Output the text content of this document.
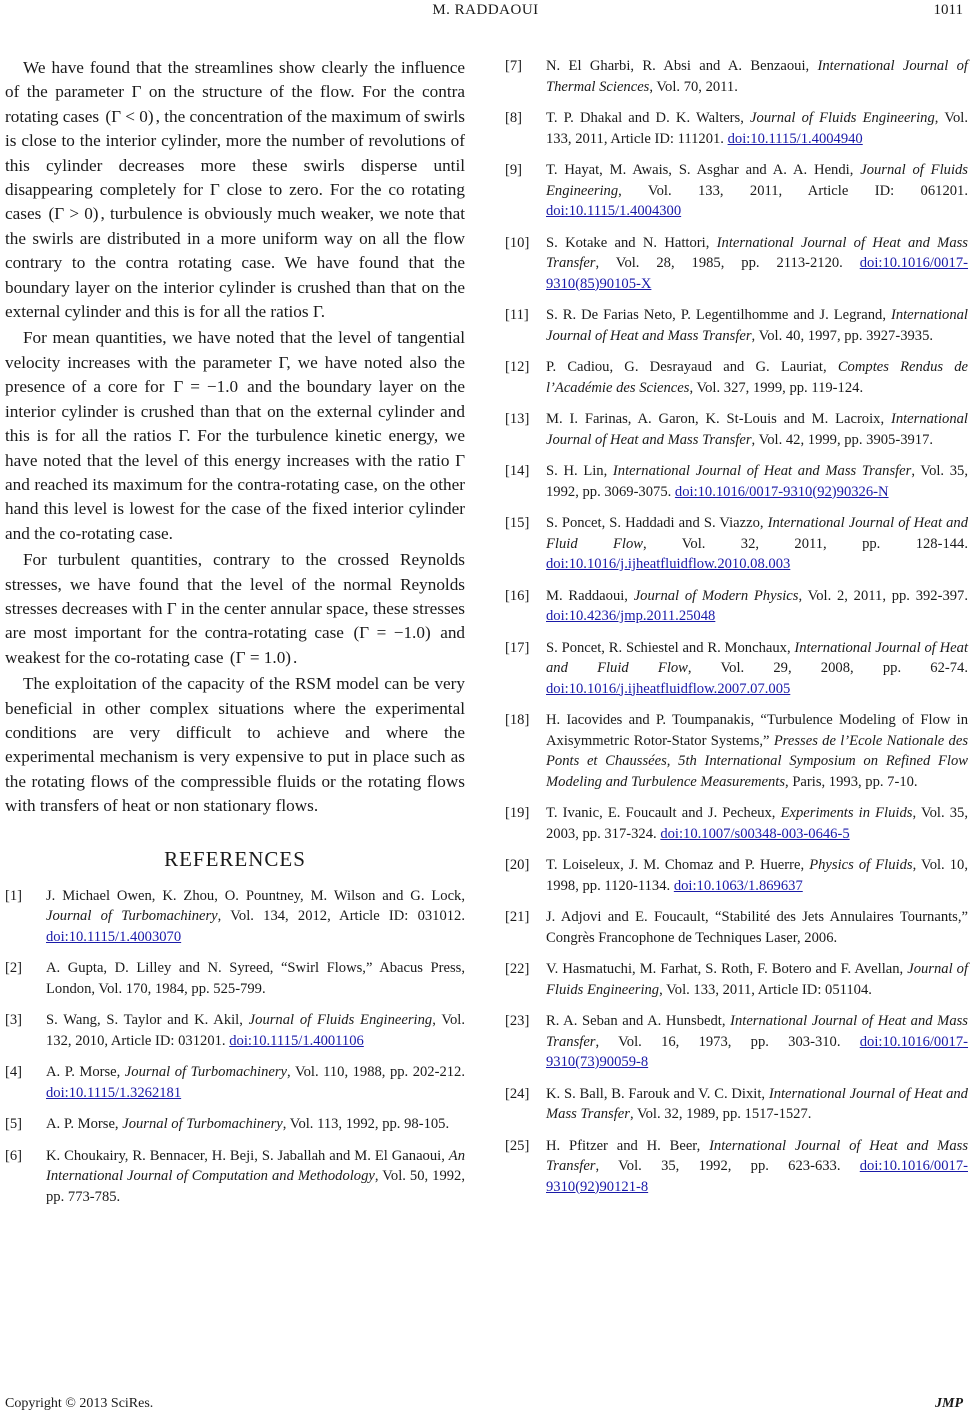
M. RADDAOUI	1011

We have found that the streamlines show clearly the influence of the parameter Γ on the structure of the flow. For the contra rotating cases (Γ < 0) , the concentration of the maximum of swirls is close to the interior cylinder, more the number of revolutions of this cylinder decreases more these swirls disperse until disappearing completely for Γ close to zero. For the co rotating cases (Γ > 0) , turbulence is obviously much weaker, we note that the swirls are distributed in a more uniform way on all the flow contrary to the contra rotating case. We have found that the boundary layer on the interior cylinder is crushed than that on the external cylinder and this is for all the ratios Γ.

For mean quantities, we have noted that the level of tangential velocity increases with the parameter Γ, we have noted also the presence of a core for Γ = −1.0 and the boundary layer on the interior cylinder is crushed than that on the external cylinder and this is for all the ratios Γ. For the turbulence kinetic energy, we have noted that the level of this energy increases with the ratio Γ and reached its maximum for the contra-rotating case, on the other hand this level is lowest for the case of the fixed interior cylinder and the co-rotating case.

For turbulent quantities, contrary to the crossed Reynolds stresses, we have found that the level of the normal Reynolds stresses decreases with Γ in the center annular space, these stresses are most important for the contra-rotating case (Γ = −1.0) and weakest for the co-rotating case (Γ = 1.0) .

The exploitation of the capacity of the RSM model can be very beneficial in other complex situations where the experimental conditions are very difficult to achieve and where the experimental mechanism is very expensive to put in place such as the rotating flows of the compressible fluids or the rotating flows with transfers of heat or non stationary flows.

REFERENCES
[1]	J. Michael Owen, K. Zhou, O. Pountney, M. Wilson and G. Lock, Journal of Turbomachinery, Vol. 134, 2012, Article ID: 031012. doi:10.1115/1.4003070
[2]	A. Gupta, D. Lilley and N. Syreed, “Swirl Flows,” Abacus Press, London, Vol. 170, 1984, pp. 525-799.
[3]	S. Wang, S. Taylor and K. Akil, Journal of Fluids Engineering, Vol. 132, 2010, Article ID: 031201. doi:10.1115/1.4001106
[4]	A. P. Morse, Journal of Turbomachinery, Vol. 110, 1988, pp. 202-212. doi:10.1115/1.3262181
[5]	A. P. Morse, Journal of Turbomachinery, Vol. 113, 1992, pp. 98-105.
[6]	K. Choukairy, R. Bennacer, H. Beji, S. Jaballah and M. El Ganaoui, An International Journal of Computation and Methodology, Vol. 50, 1992, pp. 773-785.
[7]	N. El Gharbi, R. Absi and A. Benzaoui, International Journal of Thermal Sciences, Vol. 70, 2011.
[8]	T. P. Dhakal and D. K. Walters, Journal of Fluids Engineering, Vol. 133, 2011, Article ID: 111201. doi:10.1115/1.4004940
[9]	T. Hayat, M. Awais, S. Asghar and A. A. Hendi, Journal of Fluids Engineering, Vol. 133, 2011, Article ID: 061201. doi:10.1115/1.4004300
[10]	S. Kotake and N. Hattori, International Journal of Heat and Mass Transfer, Vol. 28, 1985, pp. 2113-2120. doi:10.1016/0017-9310(85)90105-X
[11]	S. R. De Farias Neto, P. Legentilhomme and J. Legrand, International Journal of Heat and Mass Transfer, Vol. 40, 1997, pp. 3927-3935.
[12]	P. Cadiou, G. Desrayaud and G. Lauriat, Comptes Rendus de l’Académie des Sciences, Vol. 327, 1999, pp. 119-124.
[13]	M. I. Farinas, A. Garon, K. St-Louis and M. Lacroix, International Journal of Heat and Mass Transfer, Vol. 42, 1999, pp. 3905-3917.
[14]	S. H. Lin, International Journal of Heat and Mass Transfer, Vol. 35, 1992, pp. 3069-3075. doi:10.1016/0017-9310(92)90326-N
[15]	S. Poncet, S. Haddadi and S. Viazzo, International Journal of Heat and Fluid Flow, Vol. 32, 2011, pp. 128-144. doi:10.1016/j.ijheatfluidflow.2010.08.003
[16]	M. Raddaoui, Journal of Modern Physics, Vol. 2, 2011, pp. 392-397. doi:10.4236/jmp.2011.25048
[17]	S. Poncet, R. Schiestel and R. Monchaux, International Journal of Heat and Fluid Flow, Vol. 29, 2008, pp. 62-74. doi:10.1016/j.ijheatfluidflow.2007.07.005
[18]	H. Iacovides and P. Toumpanakis, “Turbulence Modeling of Flow in Axisymmetric Rotor-Stator Systems,” Presses de l’Ecole Nationale des Ponts et Chaussées, 5th International Symposium on Refined Flow Modeling and Turbulence Measurements, Paris, 1993, pp. 7-10.
[19]	T. Ivanic, E. Foucault and J. Pecheux, Experiments in Fluids, Vol. 35, 2003, pp. 317-324. doi:10.1007/s00348-003-0646-5
[20]	T. Loiseleux, J. M. Chomaz and P. Huerre, Physics of Fluids, Vol. 10, 1998, pp. 1120-1134. doi:10.1063/1.869637
[21]	J. Adjovi and E. Foucault, “Stabilité des Jets Annulaires Tournants,” Congrès Francophone de Techniques Laser, 2006.
[22]	V. Hasmatuchi, M. Farhat, S. Roth, F. Botero and F. Avellan, Journal of Fluids Engineering, Vol. 133, 2011, Article ID: 051104.
[23]	R. A. Seban and A. Hunsbedt, International Journal of Heat and Mass Transfer, Vol. 16, 1973, pp. 303-310. doi:10.1016/0017-9310(73)90059-8
[24]	K. S. Ball, B. Farouk and V. C. Dixit, International Journal of Heat and Mass Transfer, Vol. 32, 1989, pp. 1517-1527.
[25]	H. Pfitzer and H. Beer, International Journal of Heat and Mass Transfer, Vol. 35, 1992, pp. 623-633. doi:10.1016/0017-9310(92)90121-8
Copyright © 2013 SciRes.	JMP
